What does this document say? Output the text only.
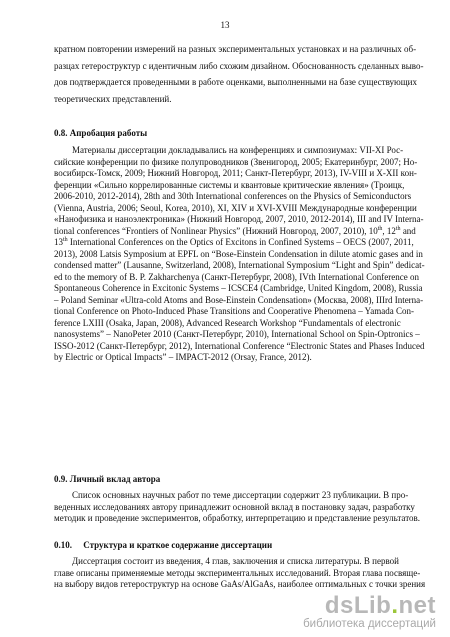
13
кратном повторении измерений на разных экспериментальных установках и на различных об-
разцах гетероструктур с идентичным либо схожим дизайном. Обоснованность сделанных выво-
дов подтверждается проведенными в работе оценками, выполненными на базе существующих
теоретических представлений.
0.8. Апробация работы
Материалы диссертации докладывались на конференциях и симпозиумах: VII-XI Рос-
сийские конференции по физике полупроводников (Звенигород, 2005; Екатеринбург, 2007; Но-
восибирск-Томск, 2009; Нижний Новгород, 2011; Санкт-Петербург, 2013), IV-VIII и X-XII кон-
ференции «Сильно коррелированные системы и квантовые критические явления» (Троицк,
2006-2010, 2012-2014), 28th and 30th International conferences on the Physics of Semiconductors
(Vienna, Austria, 2006; Seoul, Korea, 2010), XI, XIV и XVI-XVIII Международные конференции
«Нанофизика и наноэлектроника» (Нижний Новгород, 2007, 2010, 2012-2014), III and IV Interna-
tional conferences “Frontiers of Nonlinear Physics” (Нижний Новгород, 2007, 2010), 10th, 12th and
13th International Conferences on the Optics of Excitons in Confined Systems – OECS (2007, 2011,
2013), 2008 Latsis Symposium at EPFL on “Bose-Einstein Condensation in dilute atomic gases and in
condensed matter” (Lausanne, Switzerland, 2008), International Symposium “Light and Spin” dedicat-
ed to the memory of B. P. Zakharchenya (Санкт-Петербург, 2008), IVth International Conference on
Spontaneous Coherence in Excitonic Systems – ICSCE4 (Cambridge, United Kingdom, 2008), Russia
– Poland Seminar «Ultra-cold Atoms and Bose-Einstein Condensation» (Москва, 2008), IIIrd Interna-
tional Conference on Photo-Induced Phase Transitions and Cooperative Phenomena – Yamada Con-
ference LXIII (Osaka, Japan, 2008), Advanced Research Workshop “Fundamentals of electronic
nanosystems” – NanoPeter 2010 (Санкт-Петербург, 2010), International School on Spin-Optronics –
ISSO-2012 (Санкт-Петербург, 2012), International Conference “Electronic States and Phases Induced
by Electric or Optical Impacts” – IMPACT-2012 (Orsay, France, 2012).
0.9. Личный вклад автора
Список основных научных работ по теме диссертации содержит 23 публикации. В про-
веденных исследованиях автору принадлежит основной вклад в постановку задач, разработку
методик и проведение экспериментов, обработку, интерпретацию и представление результатов.
0.10.     Структура и краткое содержание диссертации
Диссертация состоит из введения, 4 глав, заключения и списка литературы. В первой
главе описаны применяемые методы экспериментальных исследований. Вторая глава посвяще-
на выбору видов гетероструктур на основе GaAs/AlGaAs, наиболее оптимальных с точки зрения
dsLib.net
библиотека диссертаций
